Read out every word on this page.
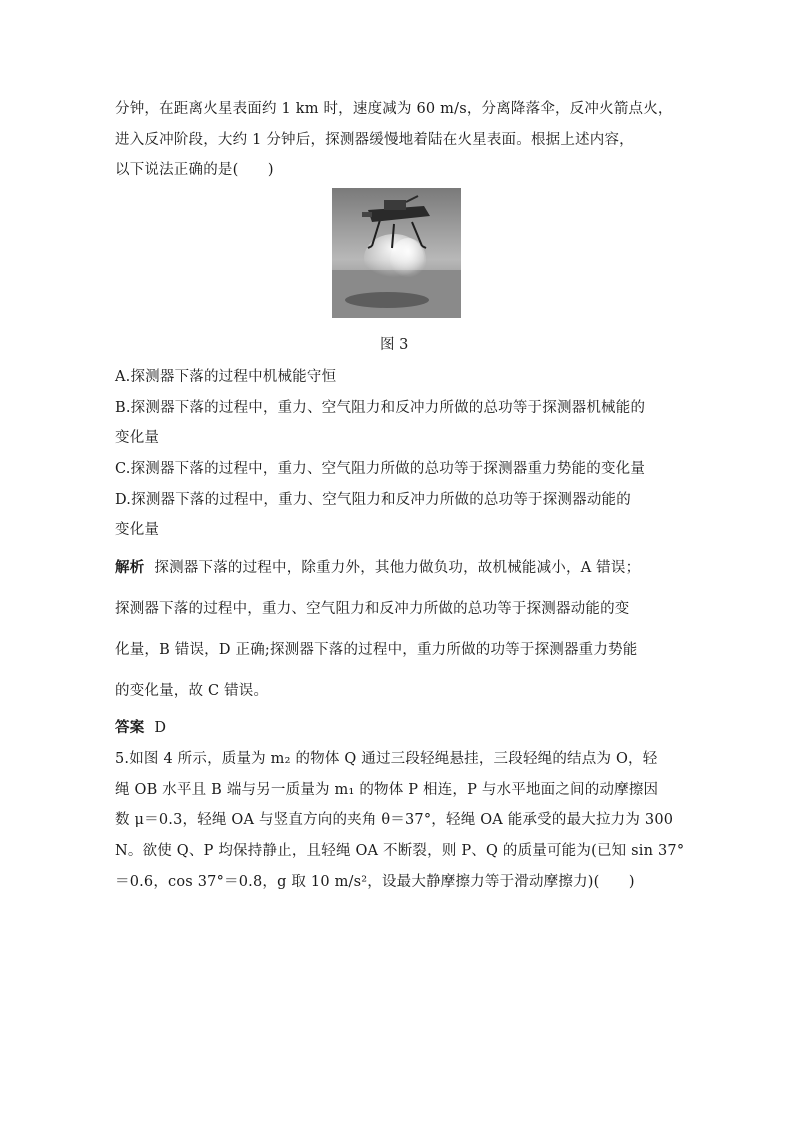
分钟，在距离火星表面约 1 km 时，速度减为 60 m/s，分离降落伞，反冲火箭点火，
进入反冲阶段，大约 1 分钟后，探测器缓慢地着陆在火星表面。根据上述内容，
以下说法正确的是(　　)
图 3
A.探测器下落的过程中机械能守恒
B.探测器下落的过程中，重力、空气阻力和反冲力所做的总功等于探测器机械能的
变化量
C.探测器下落的过程中，重力、空气阻力所做的总功等于探测器重力势能的变化量
D.探测器下落的过程中，重力、空气阻力和反冲力所做的总功等于探测器动能的
变化量
解析 探测器下落的过程中，除重力外，其他力做负功，故机械能减小，A 错误；
探测器下落的过程中，重力、空气阻力和反冲力所做的总功等于探测器动能的变
化量，B 错误，D 正确;探测器下落的过程中，重力所做的功等于探测器重力势能
的变化量，故 C 错误。
答案 D
5.如图 4 所示，质量为 m₂ 的物体 Q 通过三段轻绳悬挂，三段轻绳的结点为 O，轻
绳 OB 水平且 B 端与另一质量为 m₁ 的物体 P 相连，P 与水平地面之间的动摩擦因
数 μ＝0.3，轻绳 OA 与竖直方向的夹角 θ＝37°，轻绳 OA 能承受的最大拉力为 300
N。欲使 Q、P 均保持静止，且轻绳 OA 不断裂，则 P、Q 的质量可能为(已知 sin 37°
＝0.6，cos 37°＝0.8，g 取 10 m/s²，设最大静摩擦力等于滑动摩擦力)(　　)
